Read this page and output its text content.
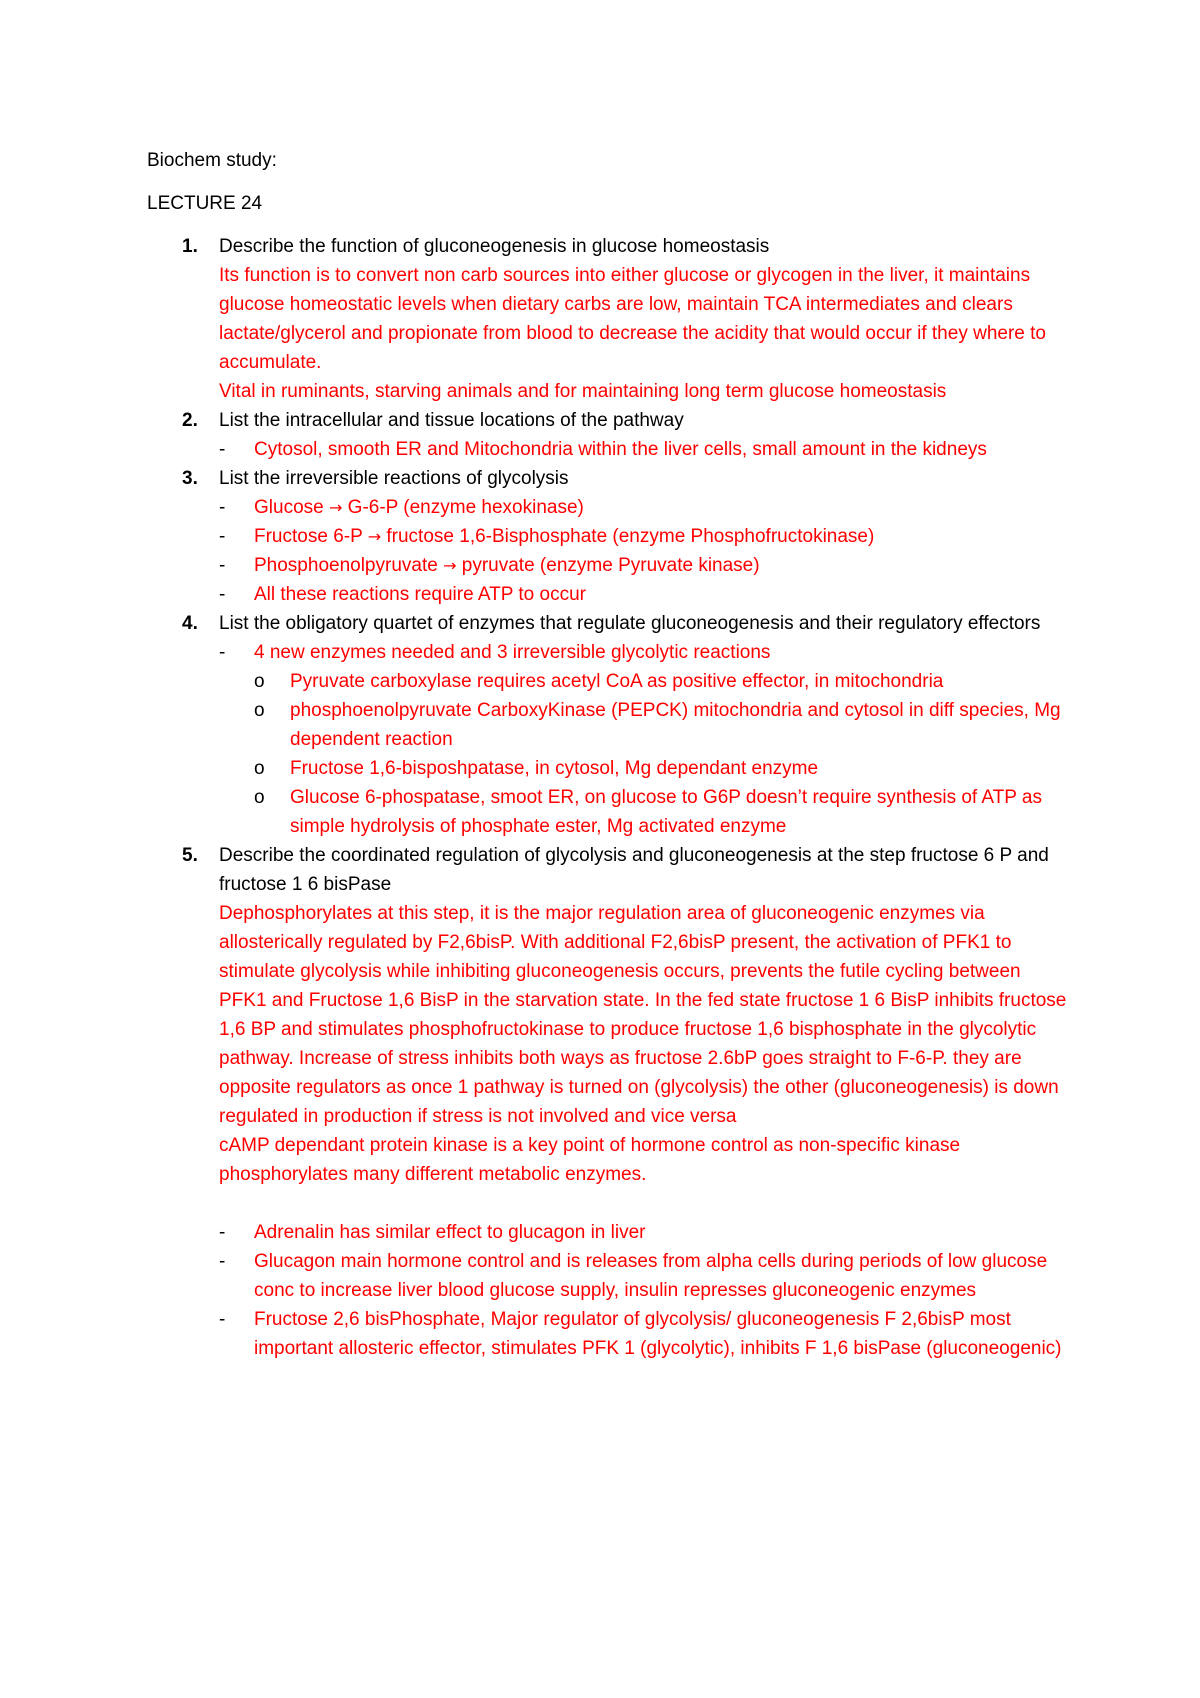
Biochem study:

LECTURE 24

1. Describe the function of gluconeogenesis in glucose homeostasis
Its function is to convert non carb sources into either glucose or glycogen in the liver, it maintains glucose homeostatic levels when dietary carbs are low, maintain TCA intermediates and clears lactate/glycerol and propionate from blood to decrease the acidity that would occur if they where to accumulate.
Vital in ruminants, starving animals and for maintaining long term glucose homeostasis
2. List the intracellular and tissue locations of the pathway
- Cytosol, smooth ER and Mitochondria within the liver cells, small amount in the kidneys
3. List the irreversible reactions of glycolysis
- Glucose → G-6-P (enzyme hexokinase)
- Fructose 6-P → fructose 1,6-Bisphosphate (enzyme Phosphofructokinase)
- Phosphoenolpyruvate → pyruvate (enzyme Pyruvate kinase)
- All these reactions require ATP to occur
4. List the obligatory quartet of enzymes that regulate gluconeogenesis and their regulatory effectors
- 4 new enzymes needed and 3 irreversible glycolytic reactions
o Pyruvate carboxylase requires acetyl CoA as positive effector, in mitochondria
o phosphoenolpyruvate CarboxyKinase (PEPCK) mitochondria and cytosol in diff species, Mg dependent reaction
o Fructose 1,6-bisposhpatase, in cytosol, Mg dependant enzyme
o Glucose 6-phospatase, smoot ER, on glucose to G6P doesn’t require synthesis of ATP as simple hydrolysis of phosphate ester, Mg activated enzyme
5. Describe the coordinated regulation of glycolysis and gluconeogenesis at the step fructose 6 P and fructose 1 6 bisPase
Dephosphorylates at this step, it is the major regulation area of gluconeogenic enzymes via allosterically regulated by F2,6bisP. With additional F2,6bisP present, the activation of PFK1 to stimulate glycolysis while inhibiting gluconeogenesis occurs, prevents the futile cycling between PFK1 and Fructose 1,6 BisP in the starvation state. In the fed state fructose 1 6 BisP inhibits fructose 1,6 BP and stimulates phosphofructokinase to produce fructose 1,6 bisphosphate in the glycolytic pathway. Increase of stress inhibits both ways as fructose 2.6bP goes straight to F-6-P. they are opposite regulators as once 1 pathway is turned on (glycolysis) the other (gluconeogenesis) is down regulated in production if stress is not involved and vice versa
cAMP dependant protein kinase is a key point of hormone control as non-specific kinase phosphorylates many different metabolic enzymes.
- Adrenalin has similar effect to glucagon in liver
- Glucagon main hormone control and is releases from alpha cells during periods of low glucose conc to increase liver blood glucose supply, insulin represses gluconeogenic enzymes
- Fructose 2,6 bisPhosphate, Major regulator of glycolysis/ gluconeogenesis F 2,6bisP most important allosteric effector, stimulates PFK 1 (glycolytic), inhibits F 1,6 bisPase (gluconeogenic)
